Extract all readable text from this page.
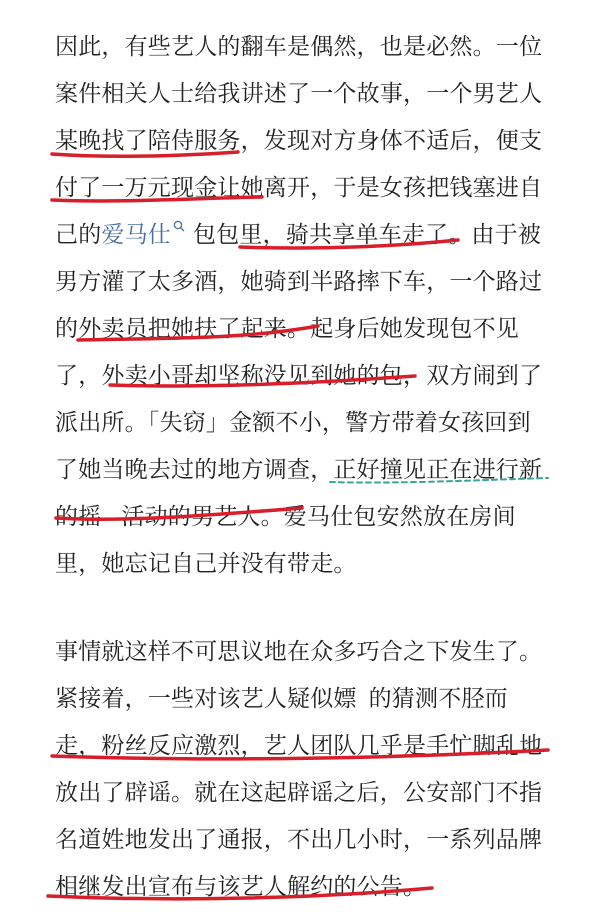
因此，有些艺人的翻车是偶然，也是必然。一位
案件相关人士给我讲述了一个故事，一个男艺人
某晚找了陪侍服务，发现对方身体不适后，便支
付了一万元现金让她离开，于是女孩把钱塞进自
己的爱马仕 包包里，骑共享单车走了。由于被
男方灌了太多酒，她骑到半路摔下车，一个路过
的外卖员把她扶了起来。起身后她发现包不见
了，外卖小哥却坚称没见到她的包，双方闹到了
派出所。「失窃」金额不小，警方带着女孩回到
了她当晚去过的地方调查，正好撞见正在进行新
的摇 活动的男艺人。爱马仕包安然放在房间
里，她忘记自己并没有带走。
事情就这样不可思议地在众多巧合之下发生了。
紧接着，一些对该艺人疑似嫖 的猜测不胫而
走，粉丝反应激烈，艺人团队几乎是手忙脚乱地
放出了辟谣。就在这起辟谣之后，公安部门不指
名道姓地发出了通报，不出几小时，一系列品牌
相继发出宣布与该艺人解约的公告。
